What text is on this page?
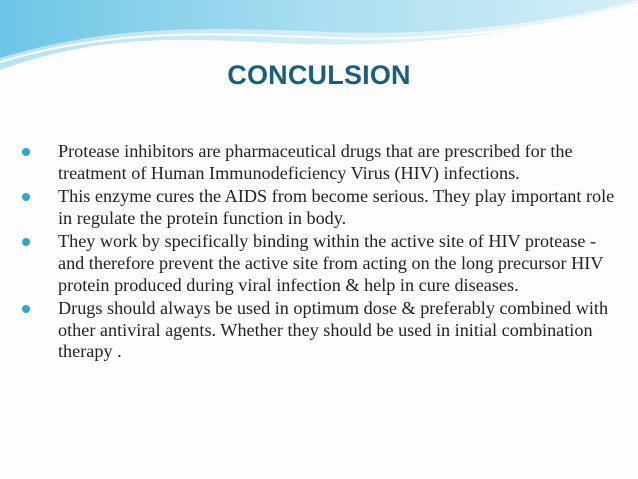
CONCULSION
Protease inhibitors are pharmaceutical drugs that are prescribed for the treatment of Human Immunodeficiency Virus (HIV) infections.
This enzyme cures the AIDS from become serious. They play important role in regulate the protein function in body.
They work by specifically binding within the active site of HIV protease - and therefore prevent the active site from acting on the long precursor HIV protein produced during viral infection & help in cure diseases.
Drugs should always be used in optimum dose & preferably combined with other antiviral agents. Whether they should be used in initial combination therapy .
